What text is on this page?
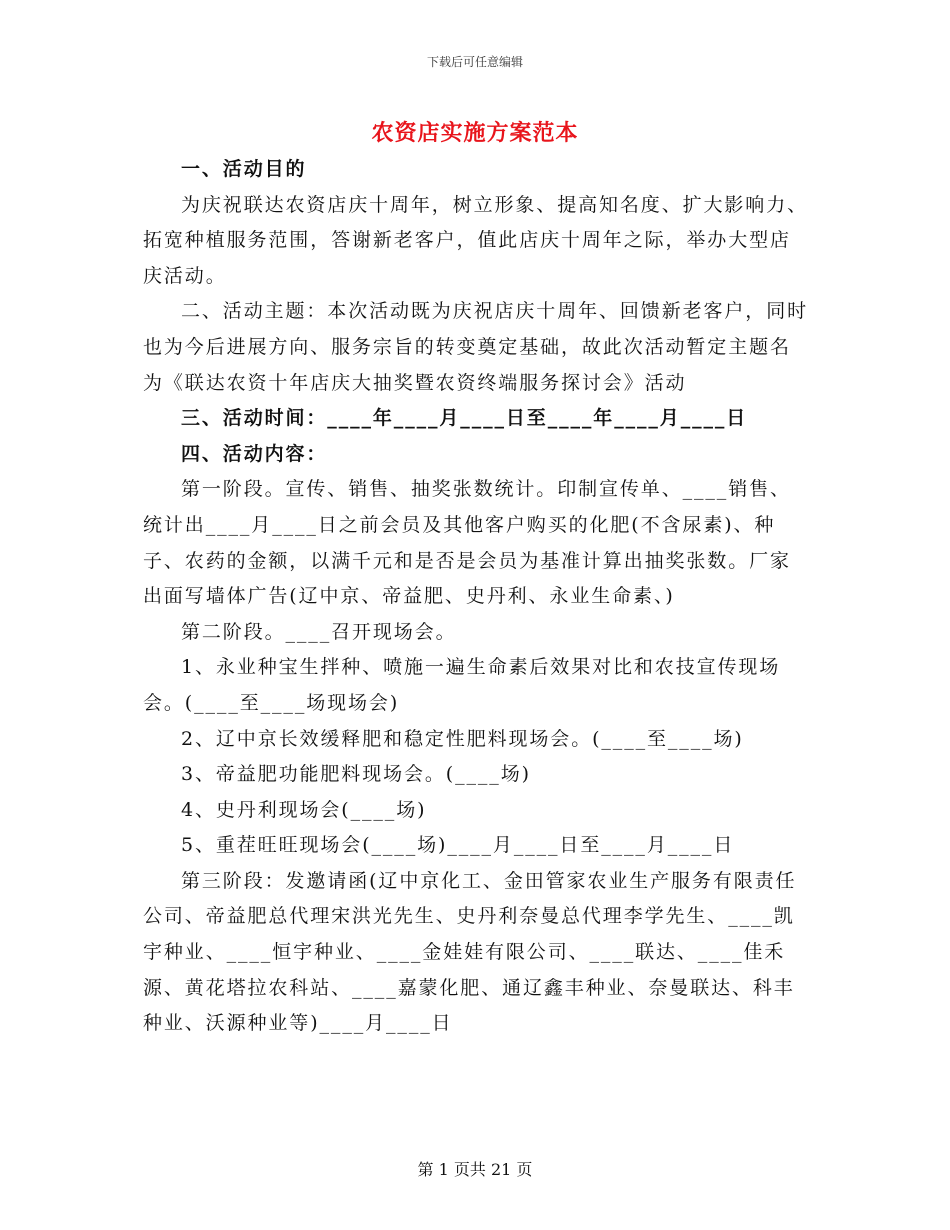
下载后可任意编辑
农资店实施方案范本

一、活动目的

为庆祝联达农资店庆十周年，树立形象、提高知名度、扩大影响力、拓宽种植服务范围，答谢新老客户，值此店庆十周年之际，举办大型店庆活动。

二、活动主题：本次活动既为庆祝店庆十周年、回馈新老客户，同时也为今后进展方向、服务宗旨的转变奠定基础，故此次活动暂定主题名为《联达农资十年店庆大抽奖暨农资终端服务探讨会》活动

三、活动时间：____年____月____日至____年____月____日

四、活动内容：

第一阶段。宣传、销售、抽奖张数统计。印制宣传单、____销售、统计出____月____日之前会员及其他客户购买的化肥(不含尿素)、种子、农药的金额，以满千元和是否是会员为基准计算出抽奖张数。厂家出面写墙体广告(辽中京、帝益肥、史丹利、永业生命素、)

第二阶段。____召开现场会。

1、永业种宝生拌种、喷施一遍生命素后效果对比和农技宣传现场会。(____至____场现场会)

2、辽中京长效缓释肥和稳定性肥料现场会。(____至____场)

3、帝益肥功能肥料现场会。(____场)

4、史丹利现场会(____场)

5、重茬旺旺现场会(____场)____月____日至____月____日

第三阶段：发邀请函(辽中京化工、金田管家农业生产服务有限责任公司、帝益肥总代理宋洪光先生、史丹利奈曼总代理李学先生、____凯宇种业、____恒宇种业、____金娃娃有限公司、____联达、____佳禾源、黄花塔拉农科站、____嘉蒙化肥、通辽鑫丰种业、奈曼联达、科丰种业、沃源种业等)____月____日

第 1 页共 21 页
